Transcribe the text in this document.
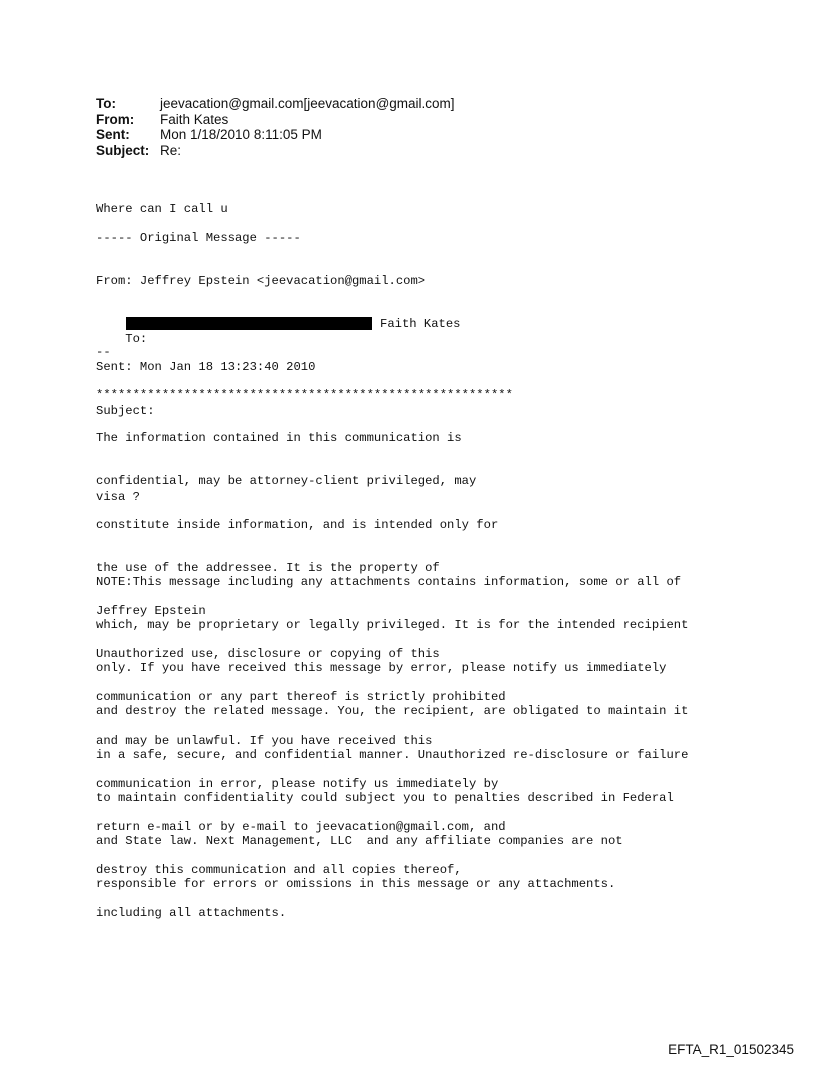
To:	jeevacation@gmail.com[jeevacation@gmail.com]
From:	Faith Kates
Sent:	Mon 1/18/2010 8:11:05 PM
Subject: Re:

Where can I call u

----- Original Message -----

From: Jeffrey Epstein <jeevacation@gmail.com>

To:

Faith Kates

Sent: Mon Jan 18 13:23:40 2010

Subject:

visa ?

--

*********************************************************

The information contained in this communication is

confidential, may be attorney-client privileged, may

constitute inside information, and is intended only for

the use of the addressee. It is the property of

Jeffrey Epstein

Unauthorized use, disclosure or copying of this

communication or any part thereof is strictly prohibited

and may be unlawful. If you have received this

communication in error, please notify us immediately by

return e-mail or by e-mail to jeevacation@gmail.com, and

destroy this communication and all copies thereof,

including all attachments.

NOTE:This message including any attachments contains information, some or all of

which, may be proprietary or legally privileged. It is for the intended recipient

only. If you have received this message by error, please notify us immediately

and destroy the related message. You, the recipient, are obligated to maintain it

in a safe, secure, and confidential manner. Unauthorized re-disclosure or failure

to maintain confidentiality could subject you to penalties described in Federal

and State law. Next Management, LLC  and any affiliate companies are not

responsible for errors or omissions in this message or any attachments.

EFTA_R1_01502345
